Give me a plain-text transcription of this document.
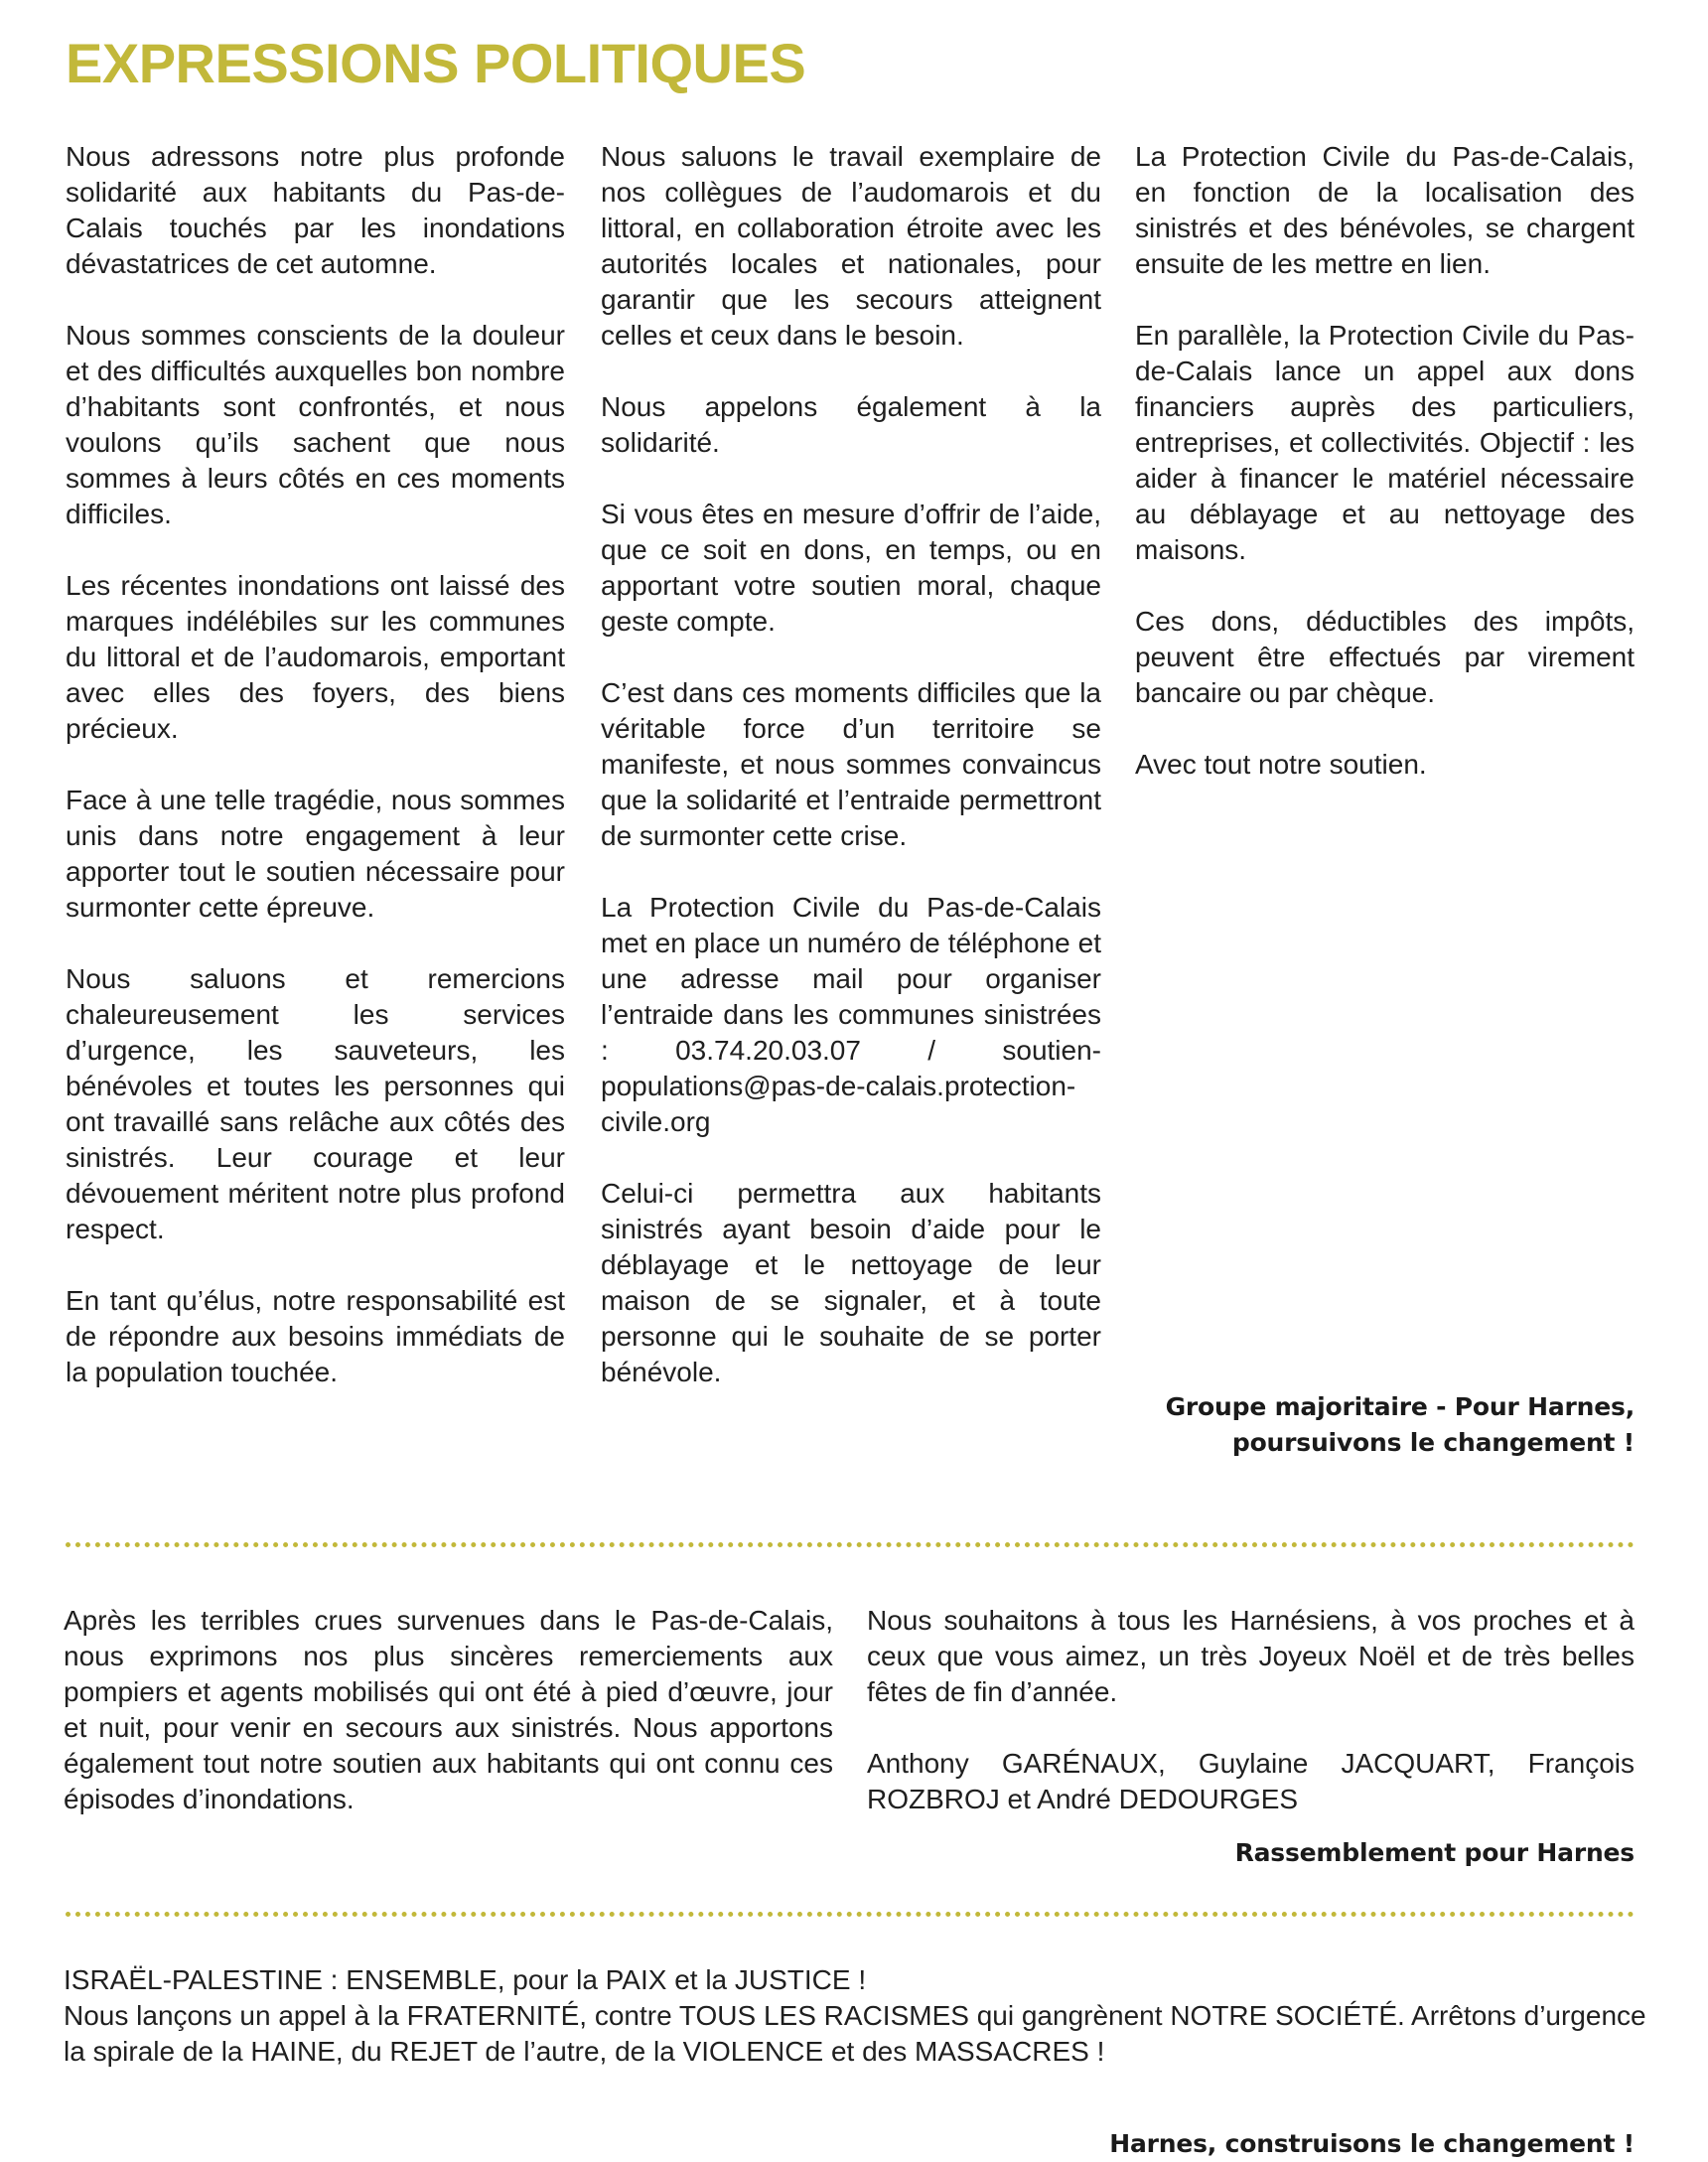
EXPRESSIONS POLITIQUES

Nous adressons notre plus profonde solidarité aux habitants du Pas-de-Calais touchés par les inondations dévastatrices de cet automne.

Nous sommes conscients de la douleur et des difficultés auxquelles bon nombre d’habitants sont confrontés, et nous voulons qu’ils sachent que nous sommes à leurs côtés en ces moments difficiles.

Les récentes inondations ont laissé des marques indélébiles sur les communes du littoral et de l’audomarois, emportant avec elles des foyers, des biens précieux.

Face à une telle tragédie, nous sommes unis dans notre engagement à leur apporter tout le soutien nécessaire pour surmonter cette épreuve.

Nous saluons et remercions chaleureusement les services d’urgence, les sauveteurs, les bénévoles et toutes les personnes qui ont travaillé sans relâche aux côtés des sinistrés. Leur courage et leur dévouement méritent notre plus profond respect.

En tant qu’élus, notre responsabilité est de répondre aux besoins immédiats de la population touchée.

Nous saluons le travail exemplaire de nos collègues de l’audomarois et du littoral, en collaboration étroite avec les autorités locales et nationales, pour garantir que les secours atteignent celles et ceux dans le besoin.

Nous appelons également à la solidarité.

Si vous êtes en mesure d’offrir de l’aide, que ce soit en dons, en temps, ou en apportant votre soutien moral, chaque geste compte.

C’est dans ces moments difficiles que la véritable force d’un territoire se manifeste, et nous sommes convaincus que la solidarité et l’entraide permettront de surmonter cette crise.

La Protection Civile du Pas-de-Calais met en place un numéro de téléphone et une adresse mail pour organiser l’entraide dans les communes sinistrées : 03.74.20.03.07 / soutien-populations@pas-de-calais.protection-civile.org

Celui-ci permettra aux habitants sinistrés ayant besoin d’aide pour le déblayage et le nettoyage de leur maison de se signaler, et à toute personne qui le souhaite de se porter bénévole.

La Protection Civile du Pas-de-Calais, en fonction de la localisation des sinistrés et des bénévoles, se chargent ensuite de les mettre en lien.

En parallèle, la Protection Civile du Pas-de-Calais lance un appel aux dons financiers auprès des particuliers, entreprises, et collectivités. Objectif : les aider à financer le matériel nécessaire au déblayage et au nettoyage des maisons.

Ces dons, déductibles des impôts, peuvent être effectués par virement bancaire ou par chèque.

Avec tout notre soutien.

Groupe majoritaire - Pour Harnes,
poursuivons le changement !

Après les terribles crues survenues dans le Pas-de-Calais, nous exprimons nos plus sincères remerciements aux pompiers et agents mobilisés qui ont été à pied d’œuvre, jour et nuit, pour venir en secours aux sinistrés. Nous apportons également tout notre soutien aux habitants qui ont connu ces épisodes d’inondations.

Nous souhaitons à tous les Harnésiens, à vos proches et à ceux que vous aimez, un très Joyeux Noël et de très belles fêtes de fin d’année.

Anthony GARÉNAUX, Guylaine JACQUART, François ROZBROJ et André DEDOURGES

Rassemblement pour Harnes
ISRAËL-PALESTINE : ENSEMBLE, pour la PAIX et la JUSTICE !
Nous lançons un appel à la FRATERNITÉ, contre TOUS LES RACISMES qui gangrènent NOTRE SOCIÉTÉ. Arrêtons d’urgence la spirale de la HAINE, du REJET de l’autre, de la VIOLENCE et des MASSACRES !
Harnes, construisons le changement !
